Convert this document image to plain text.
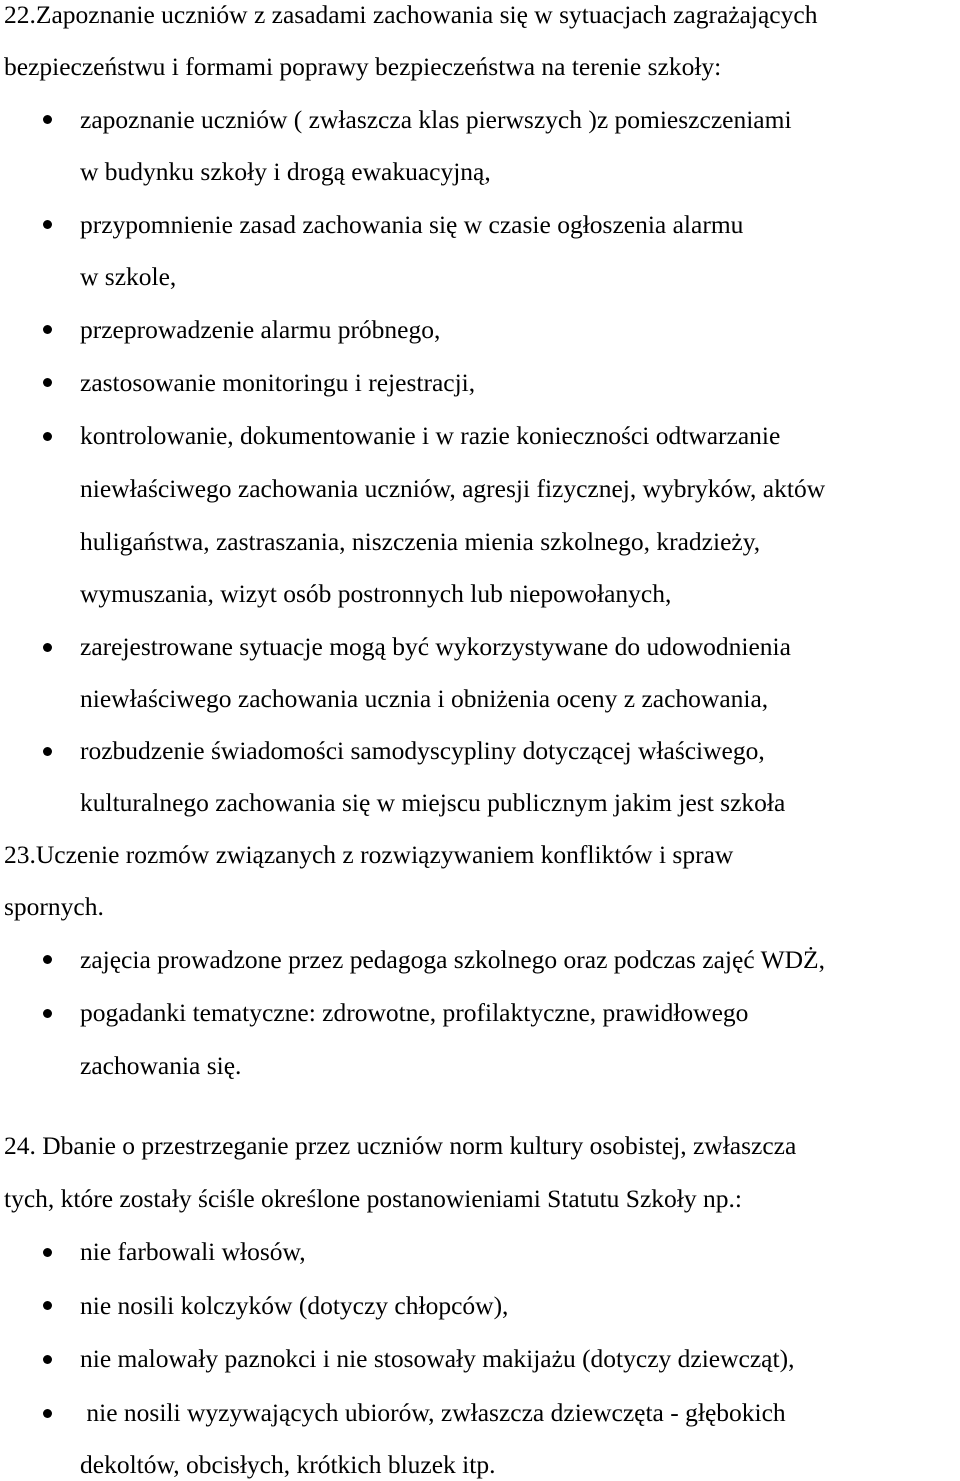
22.Zapoznanie uczniów z zasadami zachowania się w sytuacjach zagrażających
bezpieczeństwu i formami poprawy bezpieczeństwa na terenie szkoły:
zapoznanie uczniów ( zwłaszcza klas pierwszych )z pomieszczeniami
w budynku szkoły i drogą ewakuacyjną,
przypomnienie zasad zachowania się w czasie ogłoszenia alarmu
w szkole,
przeprowadzenie alarmu próbnego,
zastosowanie monitoringu i rejestracji,
kontrolowanie, dokumentowanie i w razie konieczności odtwarzanie
niewłaściwego zachowania uczniów, agresji fizycznej, wybryków, aktów
huligaństwa, zastraszania, niszczenia mienia szkolnego, kradzieży,
wymuszania, wizyt osób postronnych lub niepowołanych,
zarejestrowane sytuacje mogą być wykorzystywane do udowodnienia
niewłaściwego zachowania ucznia i obniżenia oceny z zachowania,
rozbudzenie świadomości samodyscypliny dotyczącej właściwego,
kulturalnego zachowania się w miejscu publicznym jakim jest szkoła
23.Uczenie rozmów związanych z rozwiązywaniem konfliktów i spraw
spornych.
zajęcia prowadzone przez pedagoga szkolnego oraz podczas zajęć WDŻ,
pogadanki tematyczne: zdrowotne, profilaktyczne, prawidłowego
zachowania się.
24. Dbanie o przestrzeganie przez uczniów norm kultury osobistej, zwłaszcza
tych, które zostały ściśle określone postanowieniami Statutu Szkoły np.:
nie farbowali włosów,
nie nosili kolczyków (dotyczy chłopców),
nie malowały paznokci i nie stosowały makijażu (dotyczy dziewcząt),
nie nosili wyzywających ubiorów, zwłaszcza dziewczęta - głębokich
dekoltów, obcisłych, krótkich bluzek itp.
